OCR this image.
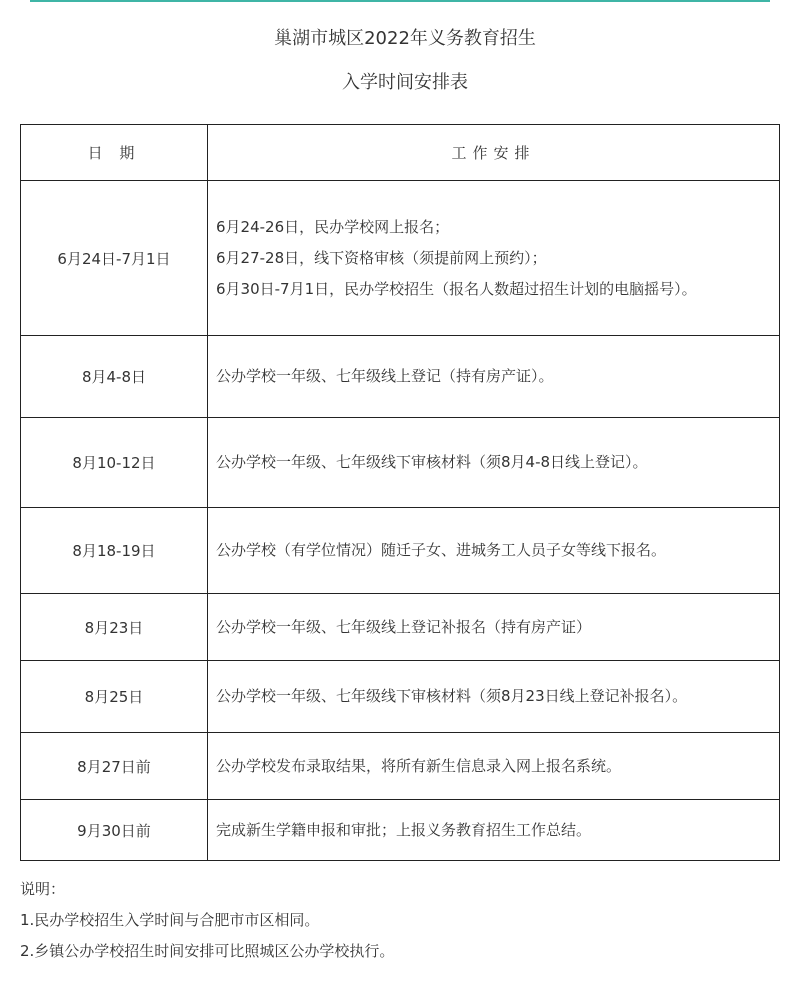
巢湖市城区2022年义务教育招生
入学时间安排表
日 期	工作安排
6月24日-7月1日	6月24-26日，民办学校网上报名；
6月27-28日，线下资格审核（须提前网上预约）；
6月30日-7月1日，民办学校招生（报名人数超过招生计划的电脑摇号）。

8月4-8日	公办学校一年级、七年级线上登记（持有房产证）。

8月10-12日	公办学校一年级、七年级线下审核材料（须8月4-8日线上登记）。

8月18-19日	公办学校（有学位情况）随迁子女、进城务工人员子女等线下报名。

8月23日	公办学校一年级、七年级线上登记补报名（持有房产证）

8月25日	公办学校一年级、七年级线下审核材料（须8月23日线上登记补报名）。

8月27日前	公办学校发布录取结果，将所有新生信息录入网上报名系统。

9月30日前	完成新生学籍申报和审批；上报义务教育招生工作总结。
说明：
1.民办学校招生入学时间与合肥市市区相同。
2.乡镇公办学校招生时间安排可比照城区公办学校执行。
